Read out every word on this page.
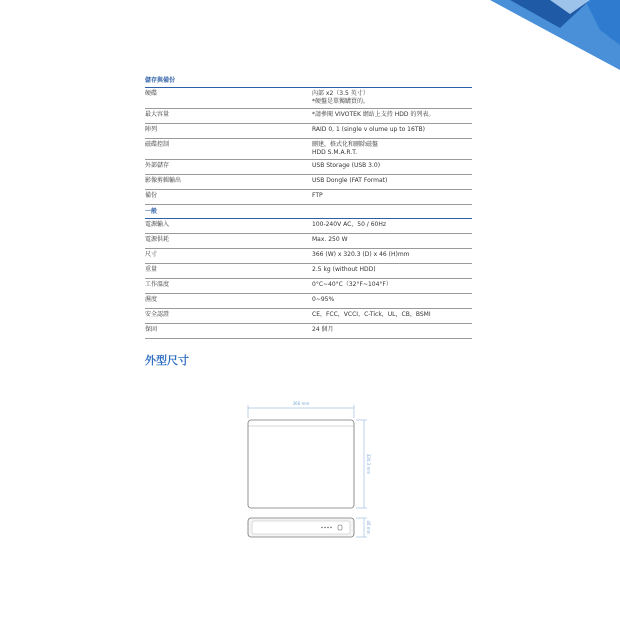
儲存與備份	
硬碟	內部 x2（3.5 英寸）
*硬盤是單獨購買的。

最大容量	*請參閱 VIVOTEK 網站上支持 HDD 的列表。
陣列	RAID 0, 1 (single v olume up to 16TB)
磁碟控制	刪建，格式化和刪除磁盤
HDD S.M.A.R.T.

外部儲存	USB Storage (USB 3.0)
影像剪輯輸出	USB Dongle (FAT Format)
備份	FTP
一般	
電源輸入	100-240V AC，50 / 60Hz
電源供耗	Max. 250 W
尺寸	366 (W) x 320.3 (D) x 46 (H)mm
重量	2.5 kg (without HDD)
工作溫度	0°C~40°C（32°F~104°F）
濕度	0~95%
安全認證	CE，FCC，VCCI，C-Tick，UL，CB，BSMI
保固	24 個月
外型尺寸
366 mm
320.3 mm
46 mm
